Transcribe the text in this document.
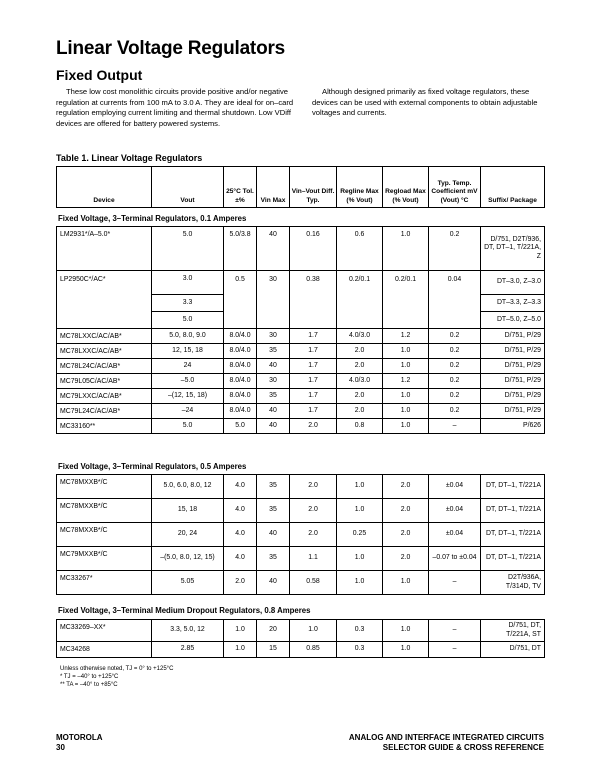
Linear Voltage Regulators
Fixed Output

These low cost monolithic circuits provide positive and/or negative regulation at currents from 100 mA to 3.0 A. They are ideal for on–card regulation employing current limiting and thermal shutdown. Low VDiff devices are offered for battery powered systems.

Although designed primarily as fixed voltage regulators, these devices can be used with external components to obtain adjustable voltages and currents.

Table 1. Linear Voltage Regulators
Device	Vout	25°C Tol. ±%	Vin Max	Vin–Vout Diff. Typ.	Regline Max (% Vout)	Regload Max (% Vout)	Typ. Temp. Coefficient mV (Vout) °C	Suffix/ Package
Fixed Voltage, 3–Terminal Regulators, 0.1 Amperes
LM2931*/A–5.0*	5.0	5.0/3.8	40	0.16	0.6	1.0	0.2	D/751, D2T/936, DT, DT–1, T/221A, Z
LP2950C*/AC*	3.0	0.5	30	0.38	0.2/0.1	0.2/0.1	0.04	DT–3.0, Z–3.0
	3.3							DT–3.3, Z–3.3
	5.0							DT–5.0, Z–5.0
MC78LXXC/AC/AB*	5.0, 8.0, 9.0	8.0/4.0	30	1.7	4.0/3.0	1.2	0.2	D/751, P/29
MC78LXXC/AC/AB*	12, 15, 18	8.0/4.0	35	1.7	2.0	1.0	0.2	D/751, P/29
MC78L24C/AC/AB*	24	8.0/4.0	40	1.7	2.0	1.0	0.2	D/751, P/29
MC79L05C/AC/AB*	–5.0	8.0/4.0	30	1.7	4.0/3.0	1.2	0.2	D/751, P/29
MC79LXXC/AC/AB*	–(12, 15, 18)	8.0/4.0	35	1.7	2.0	1.0	0.2	D/751, P/29
MC79L24C/AC/AB*	–24	8.0/4.0	40	1.7	2.0	1.0	0.2	D/751, P/29
MC33160**	5.0	5.0	40	2.0	0.8	1.0	–	P/626
Fixed Voltage, 3–Terminal Regulators, 0.5 Amperes
MC78MXXB*/C	5.0, 6.0, 8.0, 12	4.0	35	2.0	1.0	2.0	±0.04	DT, DT–1, T/221A
MC78MXXB*/C	15, 18	4.0	35	2.0	1.0	2.0	±0.04	DT, DT–1, T/221A
MC78MXXB*/C	20, 24	4.0	40	2.0	0.25	2.0	±0.04	DT, DT–1, T/221A
MC79MXXB*/C	–(5.0, 8.0, 12, 15)	4.0	35	1.1	1.0	2.0	–0.07 to ±0.04	DT, DT–1, T/221A
MC33267*	5.05	2.0	40	0.58	1.0	1.0	–	D2T/936A, T/314D, TV
Fixed Voltage, 3–Terminal Medium Dropout Regulators, 0.8 Amperes
MC33269–XX*	3.3, 5.0, 12	1.0	20	1.0	0.3	1.0	–	D/751, DT, T/221A, ST
MC34268	2.85	1.0	15	0.85	0.3	1.0	–	D/751, DT
Unless otherwise noted, TJ = 0° to +125°C
* TJ = –40° to +125°C
** TA = –40° to +85°C
MOTOROLA
30
ANALOG AND INTERFACE INTEGRATED CIRCUITS
SELECTOR GUIDE & CROSS REFERENCE
